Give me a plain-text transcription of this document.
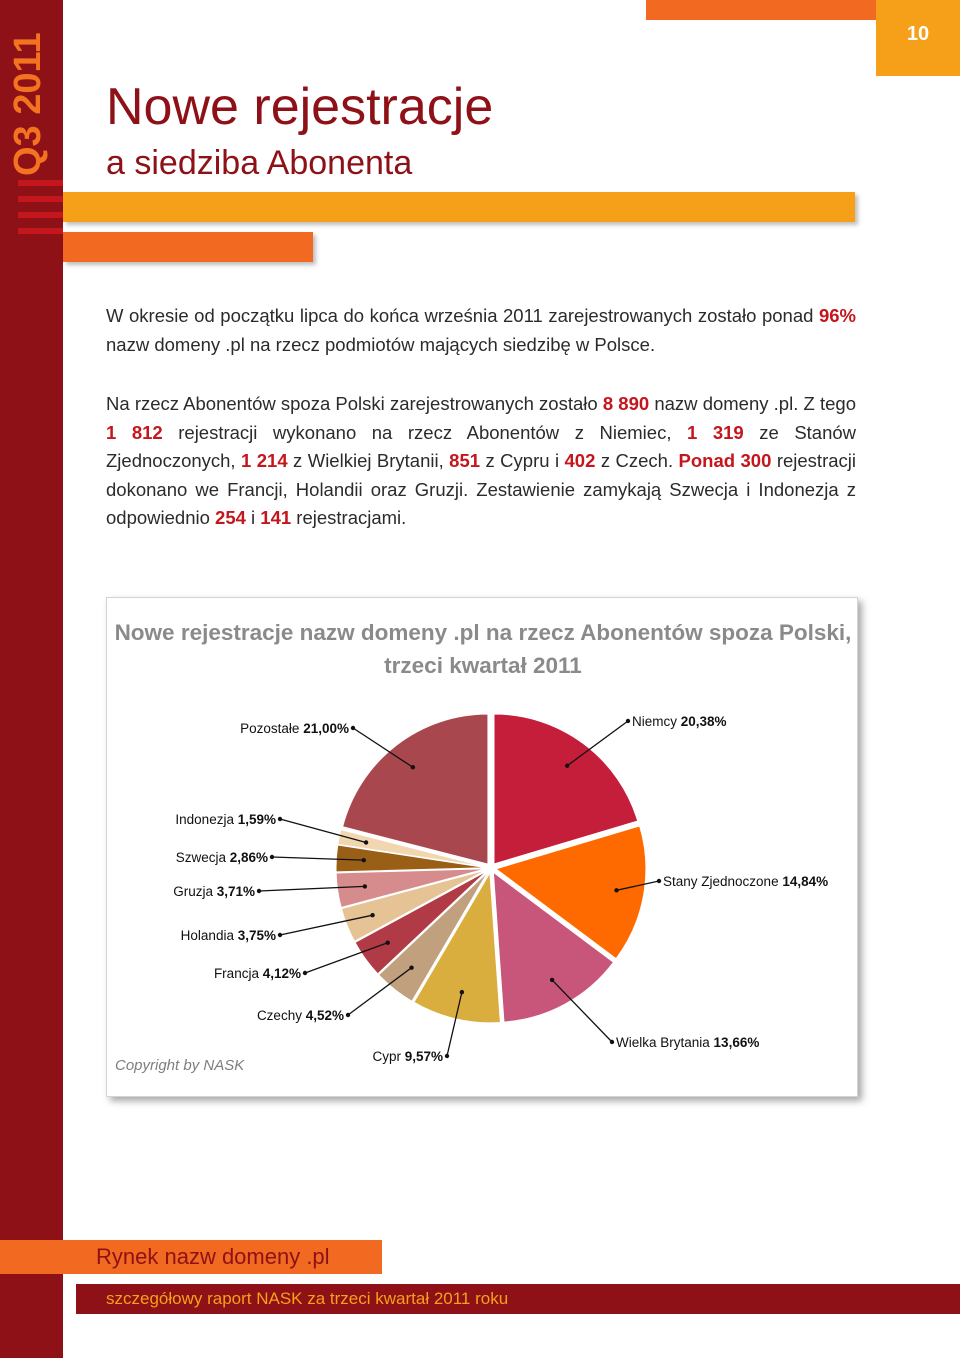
Q3 2011	10
Nowe rejestracje
a siedziba Abonenta

W okresie od początku lipca do końca września 2011 zarejestrowanych zostało ponad 96% nazw domeny .pl na rzecz podmiotów mających siedzibę w Polsce.

Na rzecz Abonentów spoza Polski zarejestrowanych zostało 8 890 nazw domeny .pl. Z tego 1 812 rejestracji wykonano na rzecz Abonentów z Niemiec, 1 319 ze Stanów Zjednoczonych, 1 214 z Wielkiej Brytanii, 851 z Cypru i 402 z Czech. Ponad 300 rejestracji dokonano we Francji, Holandii oraz Gruzji. Zestawienie zamykają Szwecja i Indonezja z odpowiednio 254 i 141 rejestracjami.

Nowe rejestracje nazw domeny .pl na rzecz Abonentów spoza Polski, trzeci kwartał 2011
Niemcy 20,38%
Stany Zjednoczone 14,84%
Wielka Brytania 13,66%
Cypr 9,57%
Czechy 4,52%
Francja 4,12%
Holandia 3,75%
Gruzja 3,71%
Szwecja 2,86%
Indonezja 1,59%
Pozostałe 21,00%
Copyright by NASK
Rynek nazw domeny .pl
szczegółowy raport NASK za trzeci kwartał 2011 roku
